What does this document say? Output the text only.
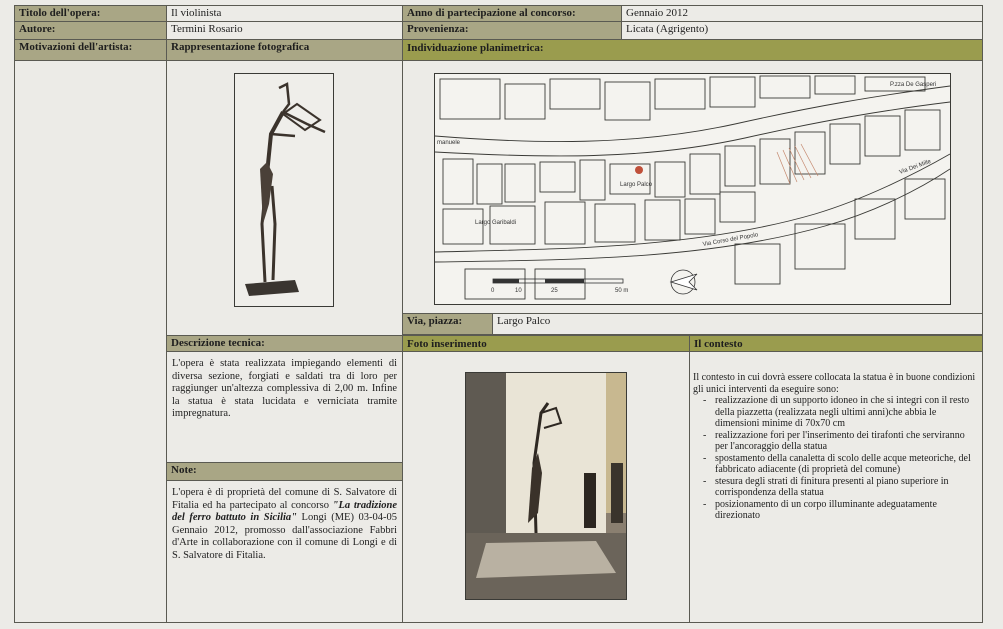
Titolo dell'opera:	Il violinista	Anno di partecipazione al concorso:	Gennaio 2012
Autore:	Termini Rosario	Provenienza:	Licata (Agrigento)
Motivazioni dell'artista:	Rappresentazione fotografica	Individuazione planimetrica:
manuele
Largo Palco
Largo Garibaldi
Via Corso del Popolo
Via Dei Mille
P.zza De Gasperi
0	10	25	50 m
Via, piazza:	Largo Palco
Descrizione tecnica:
L'opera è stata realizzata impiegando elementi di diversa sezione, forgiati e saldati tra di loro per raggiunger un'altezza complessiva di 2,00 m. Infine la statua è stata lucidata e verniciata tramite impregnatura.
Note:
L'opera è di proprietà del comune di S. Salvatore di Fitalia ed ha partecipato al concorso "La tradizione del ferro battuto in Sicilia" Longi (ME) 03-04-05 Gennaio 2012, promosso dall'associazione Fabbri d'Arte in collaborazione con il comune di Longi e di S. Salvatore di Fitalia.
Foto inserimento	Il contesto
Il contesto in cui dovrà essere collocata la statua è in buone condizioni gli unici interventi da eseguire sono:
- realizzazione di un supporto idoneo in che si integri con il resto della piazzetta (realizzata negli ultimi anni)che abbia le dimensioni minime di 70x70 cm
- realizzazione fori per l'inserimento dei tirafonti che serviranno per l'ancoraggio della statua
- spostamento della canaletta di scolo delle acque meteoriche, del fabbricato adiacente (di proprietà del comune)
- stesura degli strati di finitura presenti al piano superiore in corrispondenza della statua
- posizionamento di un corpo illuminante adeguatamente direzionato
